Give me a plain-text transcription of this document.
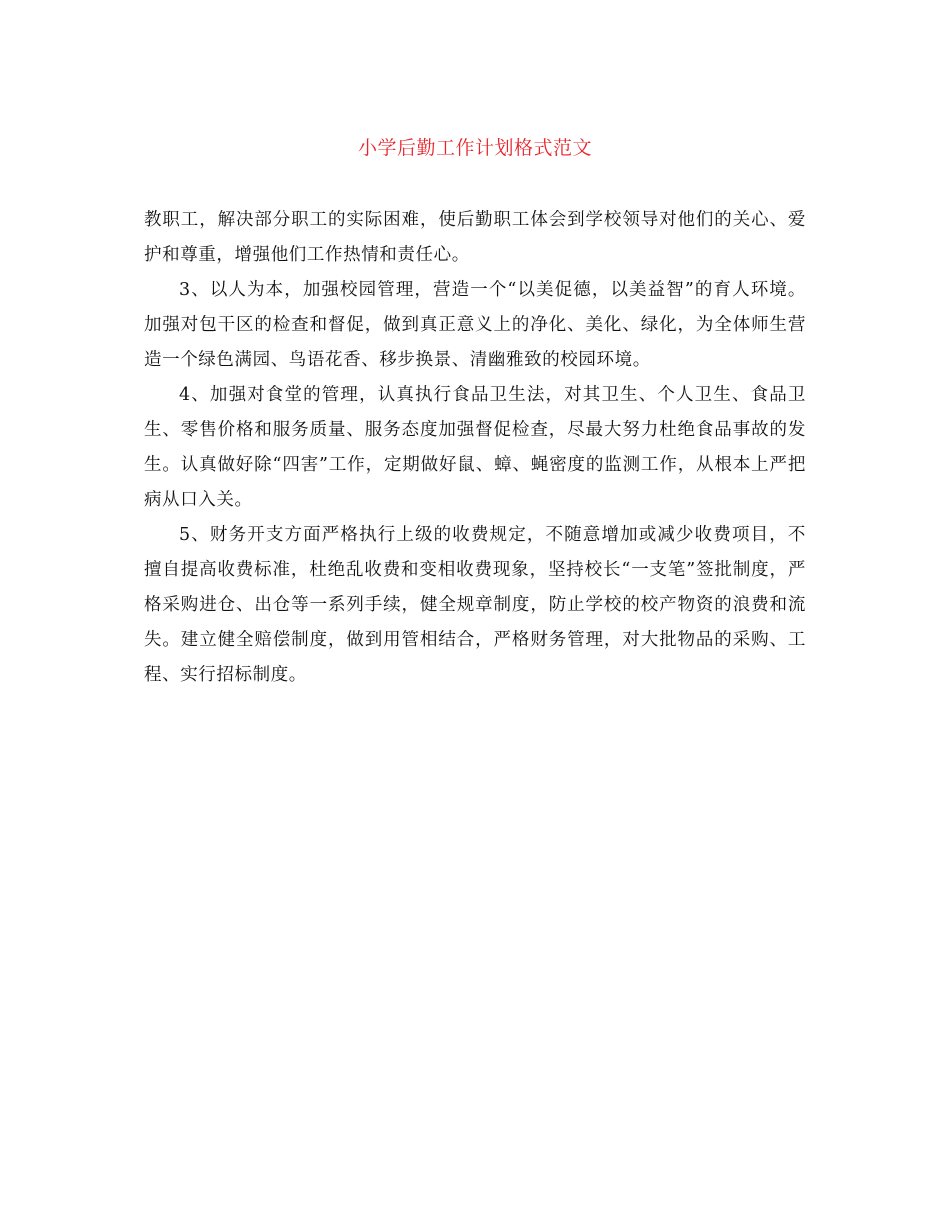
小学后勤工作计划格式范文

教职工，解决部分职工的实际困难，使后勤职工体会到学校领导对他们的关心、爱护和尊重，增强他们工作热情和责任心。

3、以人为本，加强校园管理，营造一个“以美促德，以美益智”的育人环境。加强对包干区的检查和督促，做到真正意义上的净化、美化、绿化，为全体师生营造一个绿色满园、鸟语花香、移步换景、清幽雅致的校园环境。

4、加强对食堂的管理，认真执行食品卫生法，对其卫生、个人卫生、食品卫生、零售价格和服务质量、服务态度加强督促检查，尽最大努力杜绝食品事故的发生。认真做好除“四害”工作，定期做好鼠、蟑、蝇密度的监测工作，从根本上严把病从口入关。

5、财务开支方面严格执行上级的收费规定，不随意增加或减少收费项目，不擅自提高收费标准，杜绝乱收费和变相收费现象，坚持校长“一支笔”签批制度，严格采购进仓、出仓等一系列手续，健全规章制度，防止学校的校产物资的浪费和流失。建立健全赔偿制度，做到用管相结合，严格财务管理，对大批物品的采购、工程、实行招标制度。
